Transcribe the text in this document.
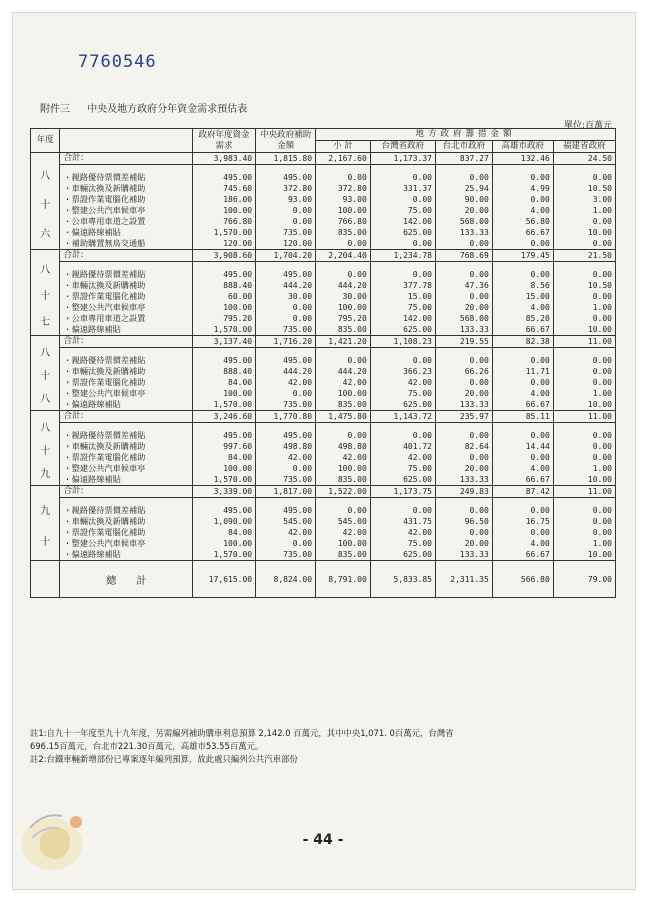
7760546
附件三 中央及地方政府分年資金需求預估表
單位:百萬元
年度		政府年度資金需求	中央政府補助金額	地方政府籌措金額				
				小 計	台灣省政府	台北市政府	高雄市政府	福建省政府

八
十
六	合計:	3,983.40	1,815.80	2,167.60	1,173.37	837.27	132.46	24.50

	・親路優待票價差補貼	495.00	495.00	0.00	0.00	0.00	0.00	0.00
	・車輛汰換及新購補助	745.60	372.80	372.80	331.37	25.94	4.99	10.50
	・票證作業電腦化補助	186.00	93.00	93.00	0.00	90.00	0.00	3.00
	・整建公共汽車候車亭	100.00	0.00	100.00	75.00	20.00	4.00	1.00
	・公車專用車道之設置	766.80	0.00	766.80	142.00	568.00	56.80	0.00
	・偏遠路線補貼	1,570.00	735.00	835.00	625.00	133.33	66.67	10.00
	・補助購置無鳥交通船	120.00	120.00	0.00	0.00	0.00	0.00	0.00

八
十
七	合計:	3,908.60	1,704.20	2,204.40	1,234.78	768.69	179.45	21.50

	・親路優待票價差補貼	495.00	495.00	0.00	0.00	0.00	0.00	0.00
	・車輛汰換及新購補助	888.40	444.20	444.20	377.78	47.36	8.56	10.50
	・票證作業電腦化補助	60.00	30.00	30.00	15.00	0.00	15.00	0.00
	・整建公共汽車候車亭	100.00	0.00	100.00	75.00	20.00	4.00	1.00
	・公車專用車道之設置	795.20	0.00	795.20	142.00	568.00	85.20	0.00
	・偏遠路線補貼	1,570.00	735.00	835.00	625.00	133.33	66.67	10.00

八
十
八	合計:	3,137.40	1,716.20	1,421.20	1,108.23	219.55	82.38	11.00

	・親路優待票價差補貼	495.00	495.00	0.00	0.00	0.00	0.00	0.00
	・車輛汰換及新購補助	888.40	444.20	444.20	366.23	66.26	11.71	0.00
	・票證作業電腦化補助	84.00	42.00	42.00	42.00	0.00	0.00	0.00
	・整建公共汽車候車亭	100.00	0.00	100.00	75.00	20.00	4.00	1.00
	・偏遠路線補貼	1,570.00	735.00	835.00	625.00	133.33	66.67	10.00

八
十
九	合計:	3,246.60	1,770.80	1,475.80	1,143.72	235.97	85.11	11.00

	・親路優待票價差補貼	495.00	495.00	0.00	0.00	0.00	0.00	0.00
	・車輛汰換及新購補助	997.60	498.80	498.80	401.72	82.64	14.44	0.00
	・票證作業電腦化補助	84.00	42.00	42.00	42.00	0.00	0.00	0.00
	・整建公共汽車候車亭	100.00	0.00	100.00	75.00	20.00	4.00	1.00
	・偏遠路線補貼	1,570.00	735.00	835.00	625.00	133.33	66.67	10.00

九
十	合計:	3,339.00	1,817.00	1,522.00	1,173.75	249.83	87.42	11.00

	・親路優待票價差補貼	495.00	495.00	0.00	0.00	0.00	0.00	0.00
	・車輛汰換及新購補助	1,090.00	545.00	545.00	431.75	96.50	16.75	0.00
	・票證作業電腦化補助	84.00	42.00	42.00	42.00	0.00	0.00	0.00
	・整建公共汽車候車亭	100.00	0.00	100.00	75.00	20.00	4.00	1.00
	・偏遠路線補貼	1,570.00	735.00	835.00	625.00	133.33	66.67	10.00
	總　　計	17,615.00	8,824.00	8,791.00	5,833.85	2,311.35	566.80	79.00
註1:自九十一年度至九十九年度，另需編列補助購車利息預算 2,142.0 百萬元，其中中央1,071. 0百萬元，台灣省
696.15百萬元，台北市221.30百萬元，高雄市53.55百萬元。
註2:台鐵車輛新增部份已專案逐年編列預算，故此處只編列公共汽車部份
- 44 -
